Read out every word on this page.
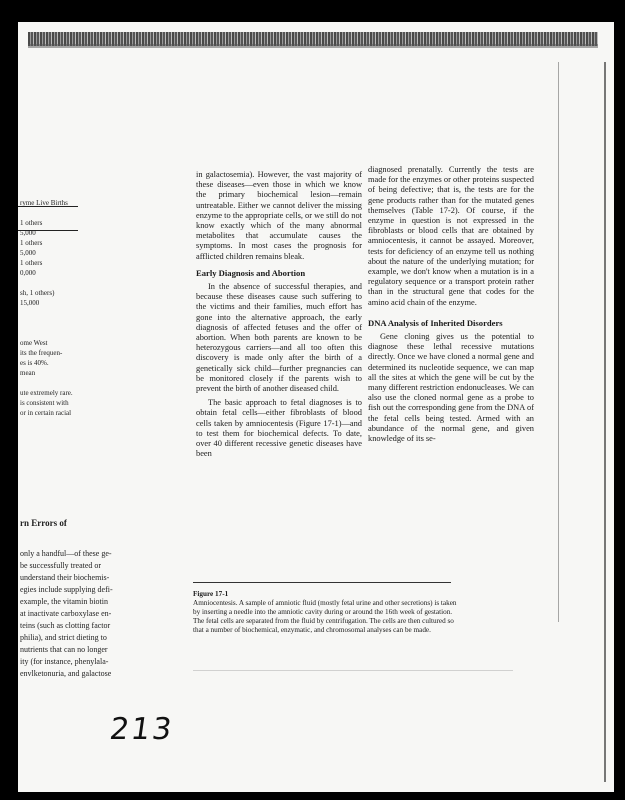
ryme Live Births
1 others
5,000
1 others
5,000
1 others
0,000
sh, 1 others)
15,000
ome West
its the frequen-
es is 40%.
mean
ute extremely rare.
is consistent with
or in certain racial
rn Errors of
only a handful—of these ge-
be successfully treated or
understand their biochemis-
egies include supplying defi-
example, the vitamin biotin
at inactivate carboxylase en-
teins (such as clotting factor
philia), and strict dieting to
nutrients that can no longer
ity (for instance, phenylala-
envlketonuria, and galactose

in galactosemia). However, the vast majority of these diseases—even those in which we know the primary biochemical lesion—remain untreatable. Either we cannot deliver the missing enzyme to the appropriate cells, or we still do not know exactly which of the many abnormal metabolites that accumulate causes the symptoms. In most cases the prognosis for afflicted children remains bleak.

Early Diagnosis and Abortion

In the absence of successful therapies, and because these diseases cause such suffering to the victims and their families, much effort has gone into the alternative approach, the early diagnosis of affected fetuses and the offer of abortion. When both parents are known to be heterozygous carriers—and all too often this discovery is made only after the birth of a genetically sick child—further pregnancies can be monitored closely if the parents wish to prevent the birth of another diseased child.

The basic approach to fetal diagnoses is to obtain fetal cells—either fibroblasts of blood cells taken by amniocentesis (Figure 17-1)—and to test them for biochemical defects. To date, over 40 different recessive genetic diseases have been

diagnosed prenatally. Currently the tests are made for the enzymes or other proteins suspected of being defective; that is, the tests are for the gene products rather than for the mutated genes themselves (Table 17-2). Of course, if the enzyme in question is not expressed in the fibroblasts or blood cells that are obtained by amniocentesis, it cannot be assayed. Moreover, tests for deficiency of an enzyme tell us nothing about the nature of the underlying mutation; for example, we don't know when a mutation is in a regulatory sequence or a transport protein rather than in the structural gene that codes for the amino acid chain of the enzyme.

DNA Analysis of Inherited Disorders

Gene cloning gives us the potential to diagnose these lethal recessive mutations directly. Once we have cloned a normal gene and determined its nucleotide sequence, we can map all the sites at which the gene will be cut by the many different restriction endonucleases. We can also use the cloned normal gene as a probe to fish out the corresponding gene from the DNA of the fetal cells being tested. Armed with an abundance of the normal gene, and given knowledge of its se-

Figure 17-1
Amniocentesis. A sample of amniotic fluid (mostly fetal urine and other secretions) is taken by inserting a needle into the amniotic cavity during or around the 16th week of gestation. The fetal cells are separated from the fluid by centrifugation. The cells are then cultured so that a number of biochemical, enzymatic, and chromosomal analyses can be made.
213
